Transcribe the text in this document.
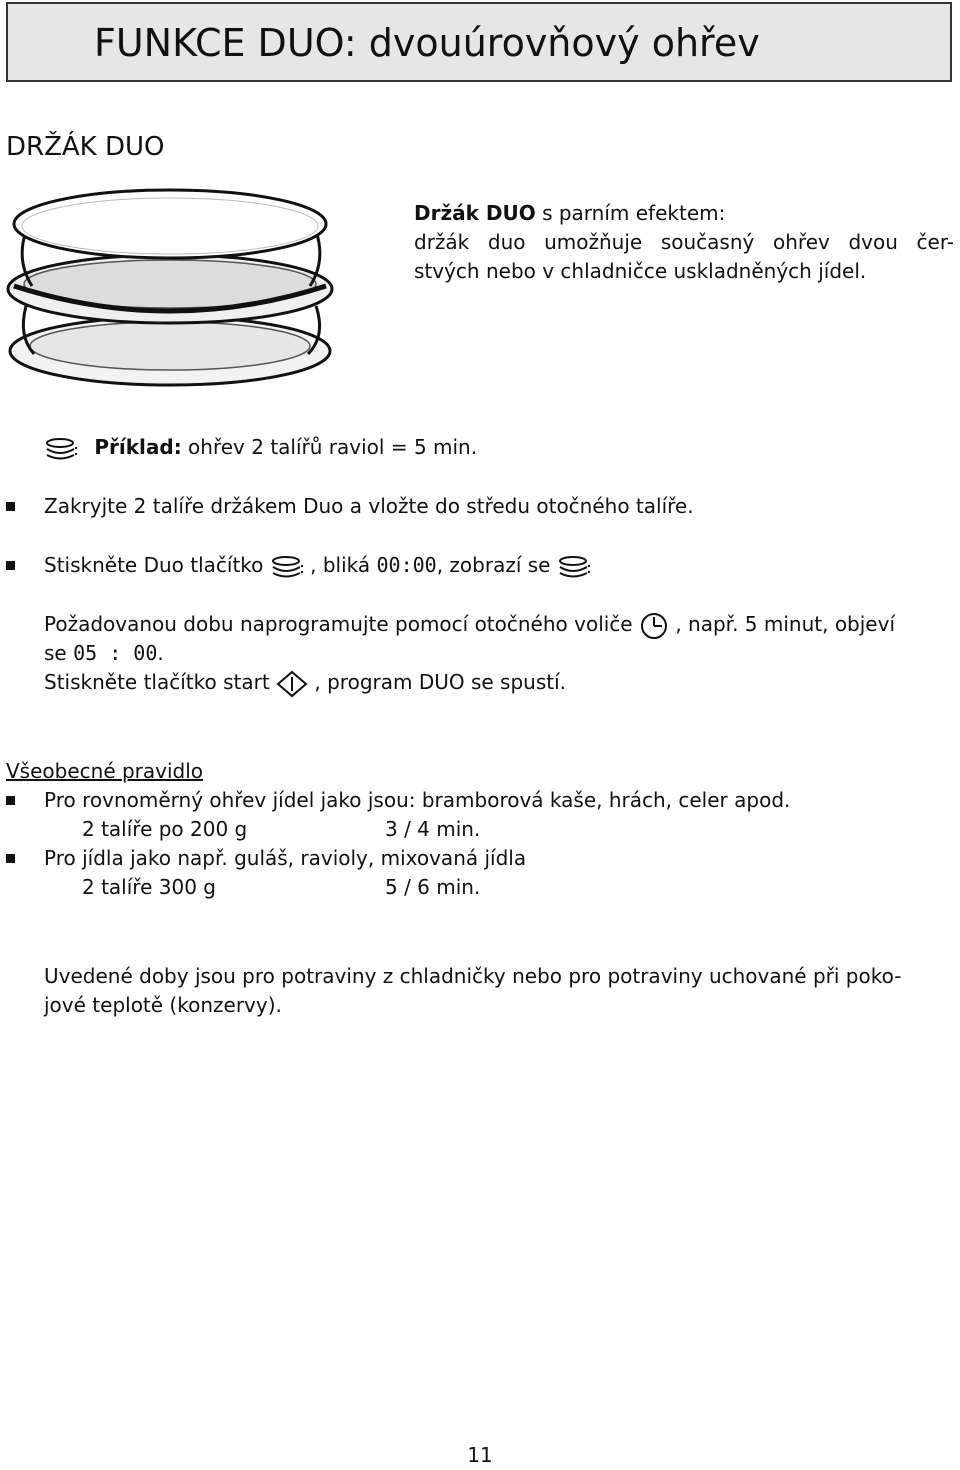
FUNKCE DUO: dvouúrovňový ohřev
DRŽÁK DUO
Držák DUO s parním efektem:
držák duo umožňuje současný ohřev dvou čer-
stvých nebo v chladničce uskladněných jídel.
Příklad: ohřev 2 talířů raviol = 5 min.
Zakryjte 2 talíře držákem Duo a vložte do středu otočného talíře.
Stiskněte Duo tlačítko  , bliká 00:00, zobrazí se
Požadovanou dobu naprogramujte pomocí otočného voliče  , např. 5 minut, objeví
se 05 : 00.
Stiskněte tlačítko start  , program DUO se spustí.
Všeobecné pravidlo
Pro rovnoměrný ohřev jídel jako jsou: bramborová kaše, hrách, celer apod.
2 talíře po 200 g	3 / 4 min.
Pro jídla jako např. guláš, ravioly, mixovaná jídla
2 talíře 300 g	5 / 6 min.
Uvedené doby jsou pro potraviny z chladničky nebo pro potraviny uchované při poko-
jové teplotě (konzervy).
11
